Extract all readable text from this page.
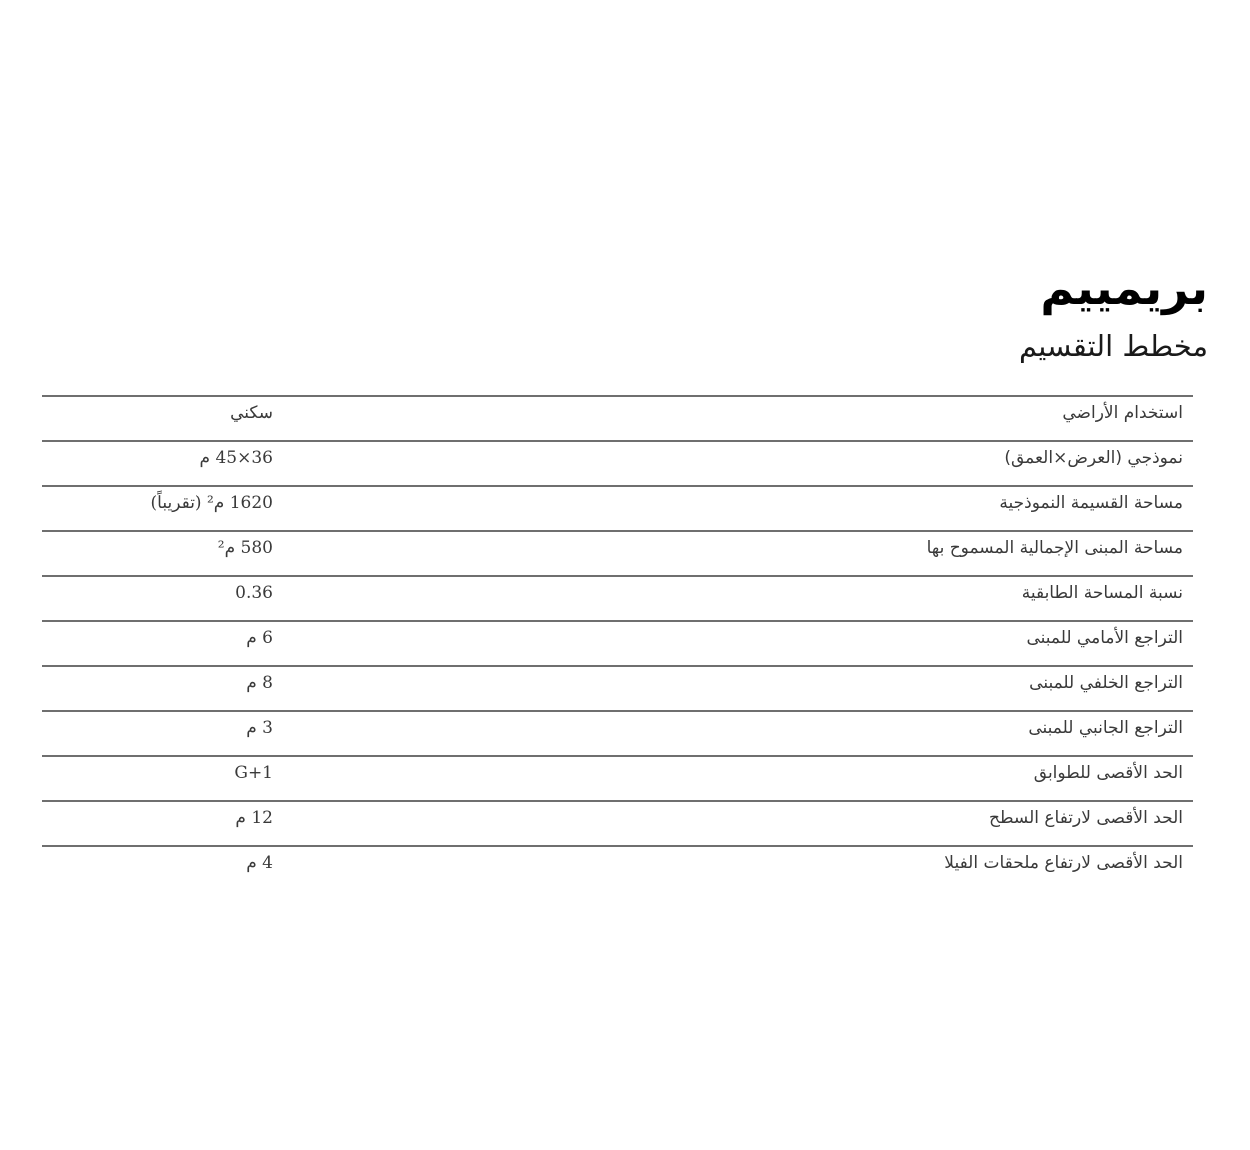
بريمييم
مخطط التقسيم
استخدام الأراضي
سكني
نموذجي (العرض×العمق)
36×45 م
مساحة القسيمة النموذجية
1620 م² (تقريباً)
مساحة المبنى الإجمالية المسموح بها
580 م²
نسبة المساحة الطابقية
0.36
التراجع الأمامي للمبنى
6 م
التراجع الخلفي للمبنى
8 م
التراجع الجانبي للمبنى
3 م
الحد الأقصى للطوابق
G+1
الحد الأقصى لارتفاع السطح
12 م
الحد الأقصى لارتفاع ملحقات الفيلا
4 م
